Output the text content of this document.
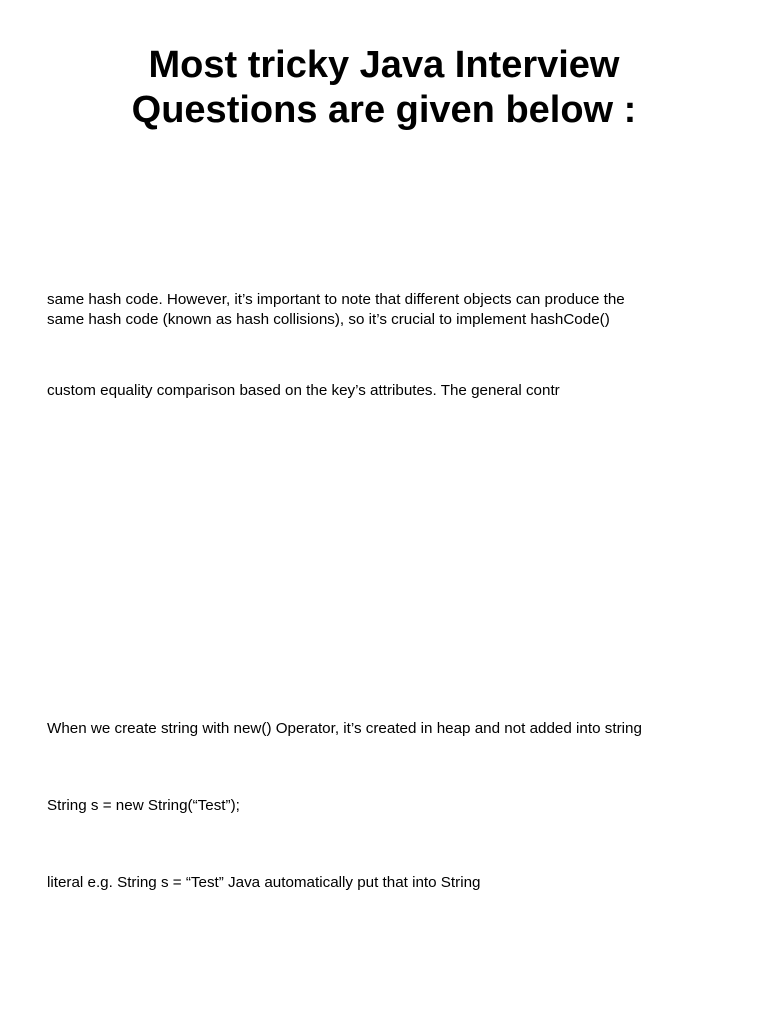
Most tricky Java Interview
Questions are given below :

same hash code. However, it’s important to note that different objects can produce the
same hash code (known as hash collisions), so it’s crucial to implement hashCode()

custom equality comparison based on the key’s attributes. The general contr

When we create string with new() Operator, it’s created in heap and not added into string

String s = new String(“Test”);

literal e.g. String s = “Test” Java automatically put that into String
